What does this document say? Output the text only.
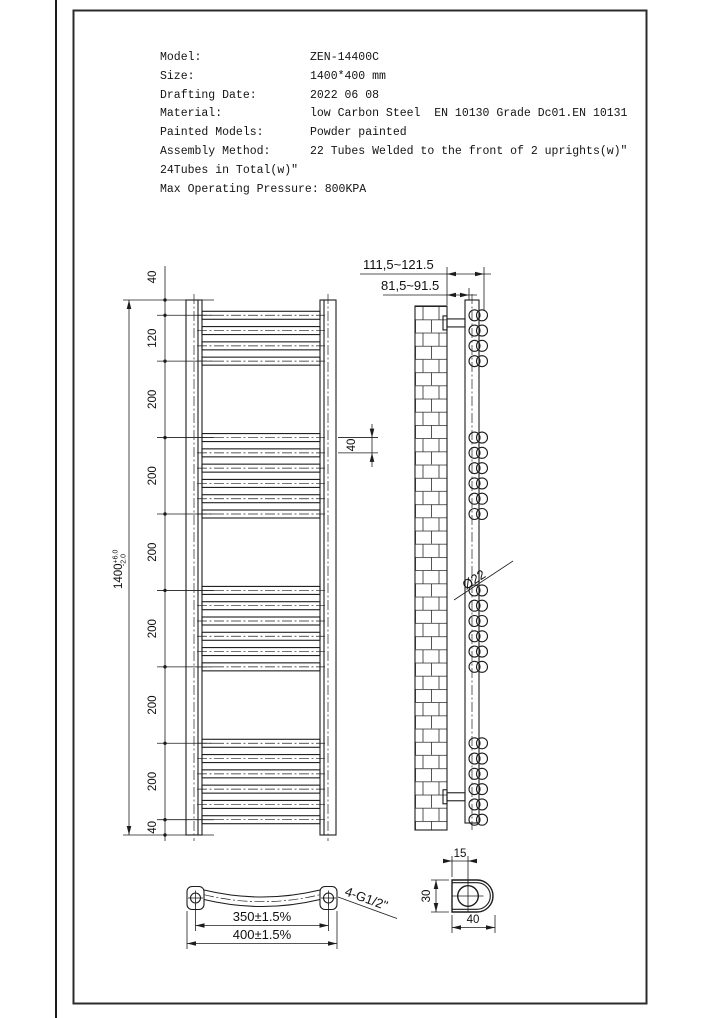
Model:	ZEN-14400C
Size:	1400*400 mm
Drafting Date:	2022 06 08
Material:	low Carbon Steel  EN 10130 Grade Dc01.EN 10131
Painted Models:	Powder painted
Assembly Method:	22 Tubes Welded to the front of 2 uprights(w)"
24Tubes in Total(w)"
Max Operating Pressure: 800KPA
40
120
200
200
200
200
200
200
40
$1400^{+6.0}-2.0$
40
111,5~121.5
81,5~91.5
Ø22
350±1.5%
400±1.5%
4-G1/2"
15
30
40
